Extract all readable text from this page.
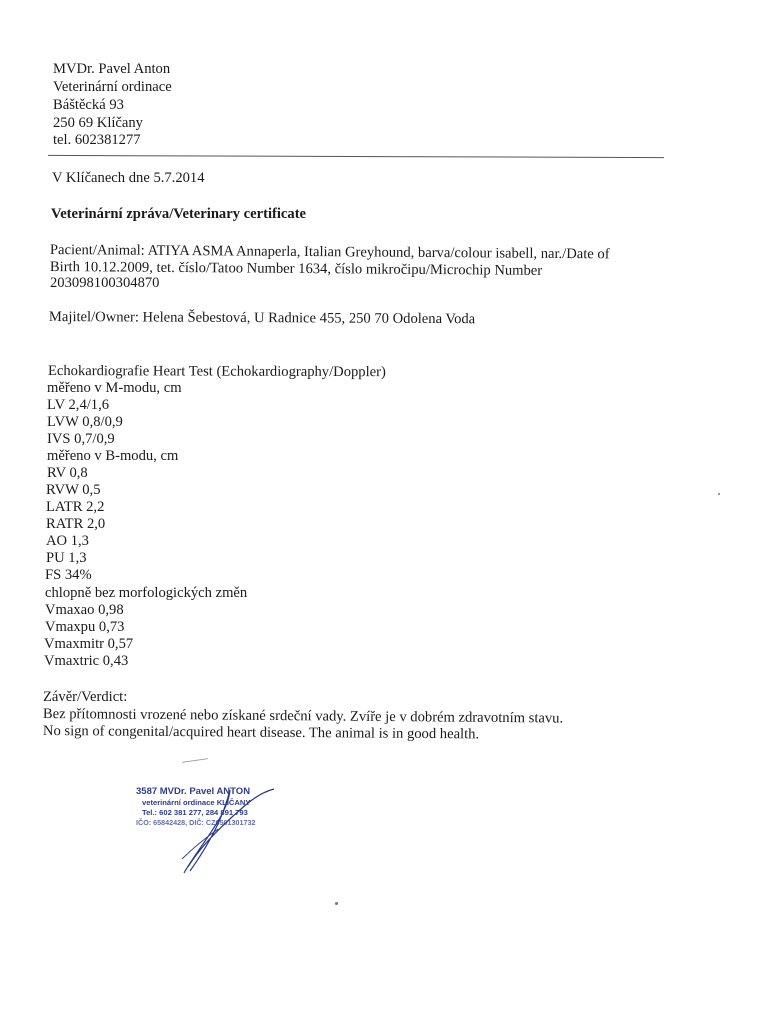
MVDr. Pavel Anton
Veterinární ordinace
Báštěcká 93
250 69 Klíčany
tel. 602381277
V Klíčanech dne 5.7.2014
Veterinární zpráva/Veterinary certificate
Pacient/Animal: ATIYA ASMA Annaperla, Italian Greyhound, barva/colour isabell, nar./Date of
Birth 10.12.2009, tet. číslo/Tatoo Number 1634, číslo mikročipu/Microchip Number
203098100304870
Majitel/Owner: Helena Šebestová, U Radnice 455, 250 70 Odolena Voda
Echokardiografie Heart Test (Echokardiography/Doppler)
měřeno v M-modu, cm
LV 2,4/1,6
LVW 0,8/0,9
IVS 0,7/0,9
měřeno v B-modu, cm
RV 0,8
RVW 0,5
LATR 2,2
RATR 2,0
AO 1,3
PU 1,3
FS 34%
chlopně bez morfologických změn
Vmaxao 0,98
Vmaxpu 0,73
Vmaxmitr 0,57
Vmaxtric 0,43
Závěr/Verdict:
Bez přítomnosti vrozené nebo získané srdeční vady. Zvíře je v dobrém zdravotním stavu.
No sign of congenital/acquired heart disease. The animal is in good health.
3587 MVDr. Pavel ANTON
veterinární ordinace KLÍČANY
Tel.: 602 381 277, 284 891 793
IČO: 65842428, DIČ: CZ6501301732
